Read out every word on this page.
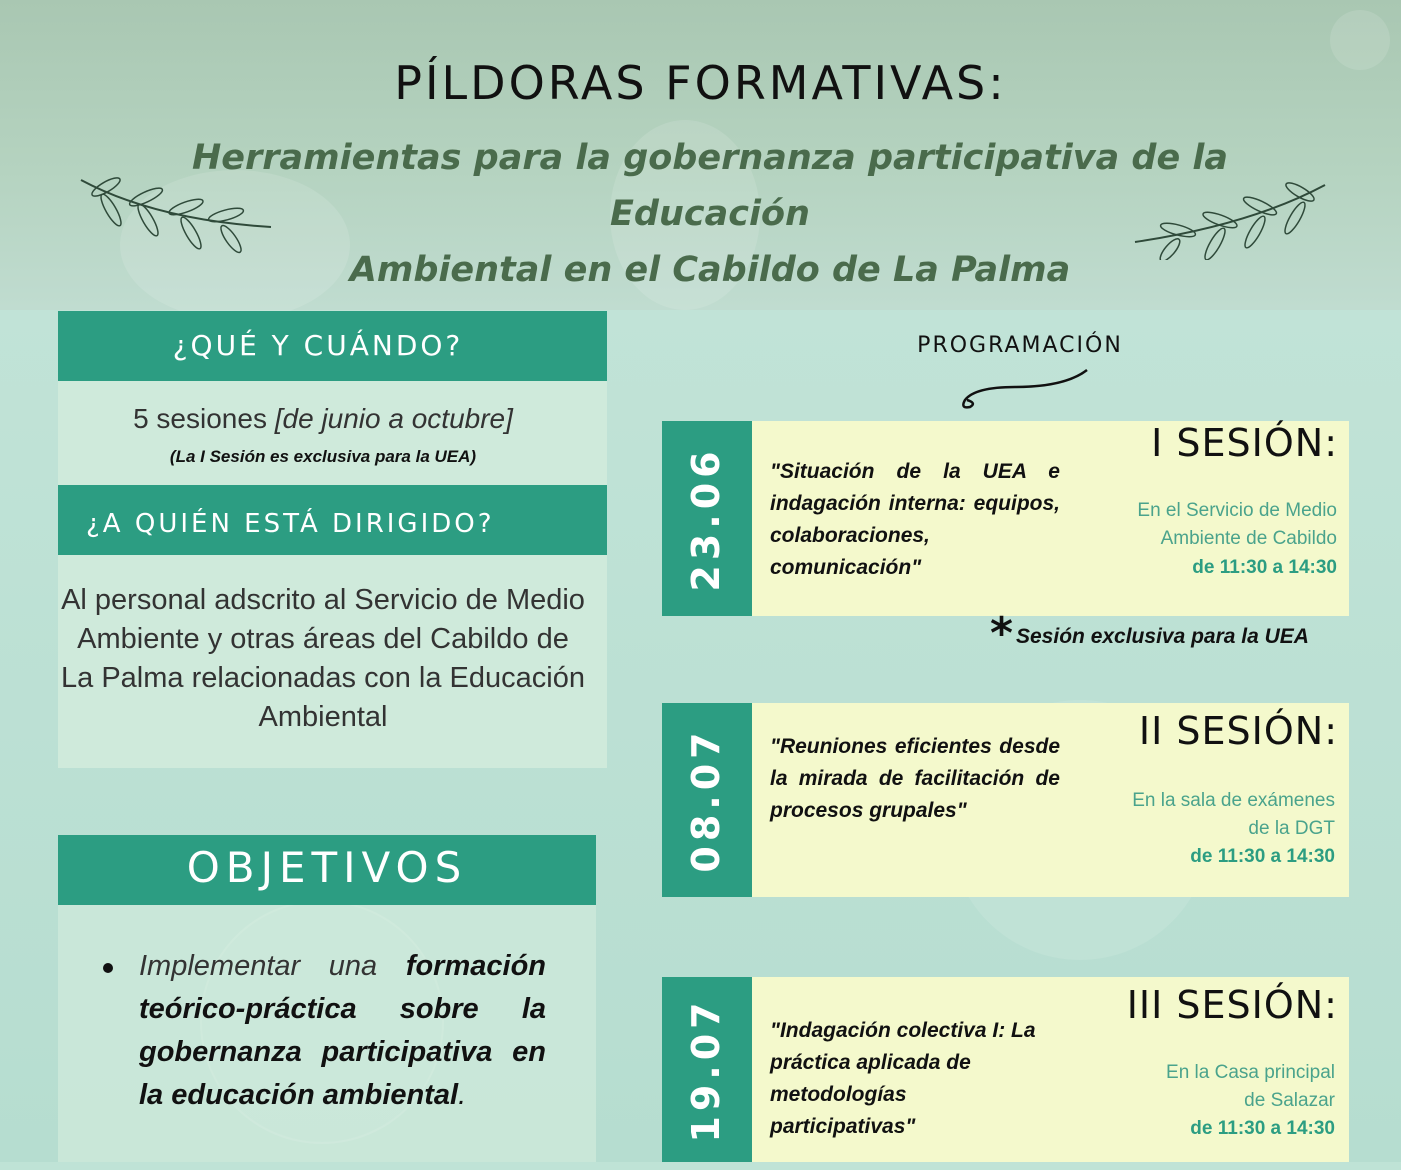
PÍLDORAS FORMATIVAS:
Herramientas para la gobernanza participativa de la Educación
Ambiental en el Cabildo de La Palma
¿QUÉ Y CUÁNDO?
5 sesiones [de junio a octubre]
(La I Sesión es exclusiva para la UEA)
¿A QUIÉN ESTÁ DIRIGIDO?
Al personal adscrito al Servicio de Medio Ambiente y otras áreas del Cabildo de La Palma relacionadas con la Educación Ambiental
OBJETIVOS
Implementar una formación teórico-práctica sobre la gobernanza participativa en la educación ambiental.
PROGRAMACIÓN
23.06 "Situación de la UEA e indagación interna: equipos, colaboraciones, comunicación"
I SESIÓN:
En el Servicio de Medio
Ambiente de Cabildo
de 11:30 a 14:30
* Sesión exclusiva para la UEA
08.07 "Reuniones eficientes desde la mirada de facilitación de procesos grupales"
II SESIÓN:
En la sala de exámenes
de la DGT
de 11:30 a 14:30
19.07 "Indagación colectiva I: La práctica aplicada de metodologías participativas"
III SESIÓN:
En la Casa principal
de Salazar
de 11:30 a 14:30
